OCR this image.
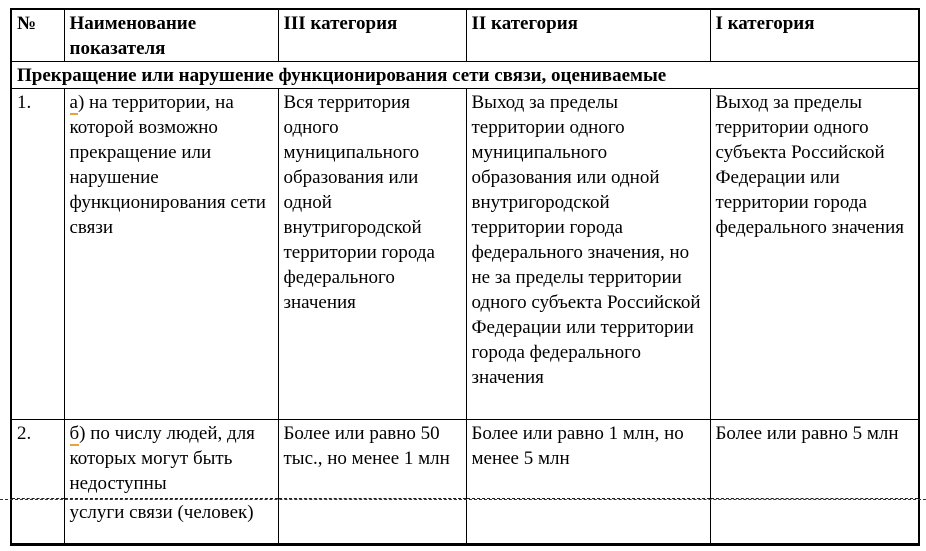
№	Наименование показателя	III категория	II категория	I категория
Прекращение или нарушение функционирования сети связи, оцениваемые				
1.	а) на территории, на которой возможно прекращение или нарушение функционирования сети связи	Вся территория одного муниципального образования или одной внутригородской территории города федерального значения	Выход за пределы территории одного муниципального образования или одной внутригородской территории города федерального значения, но не за пределы территории одного субъекта Российской Федерации или территории города федерального значения	Выход за пределы территории одного субъекта Российской Федерации или территории города федерального значения
2.	б) по числу людей, для которых могут быть недоступны	Более или равно 50 тыс., но менее 1 млн	Более или равно 1 млн, но менее 5 млн	Более или равно 5 млн
	услуги связи (человек)			
